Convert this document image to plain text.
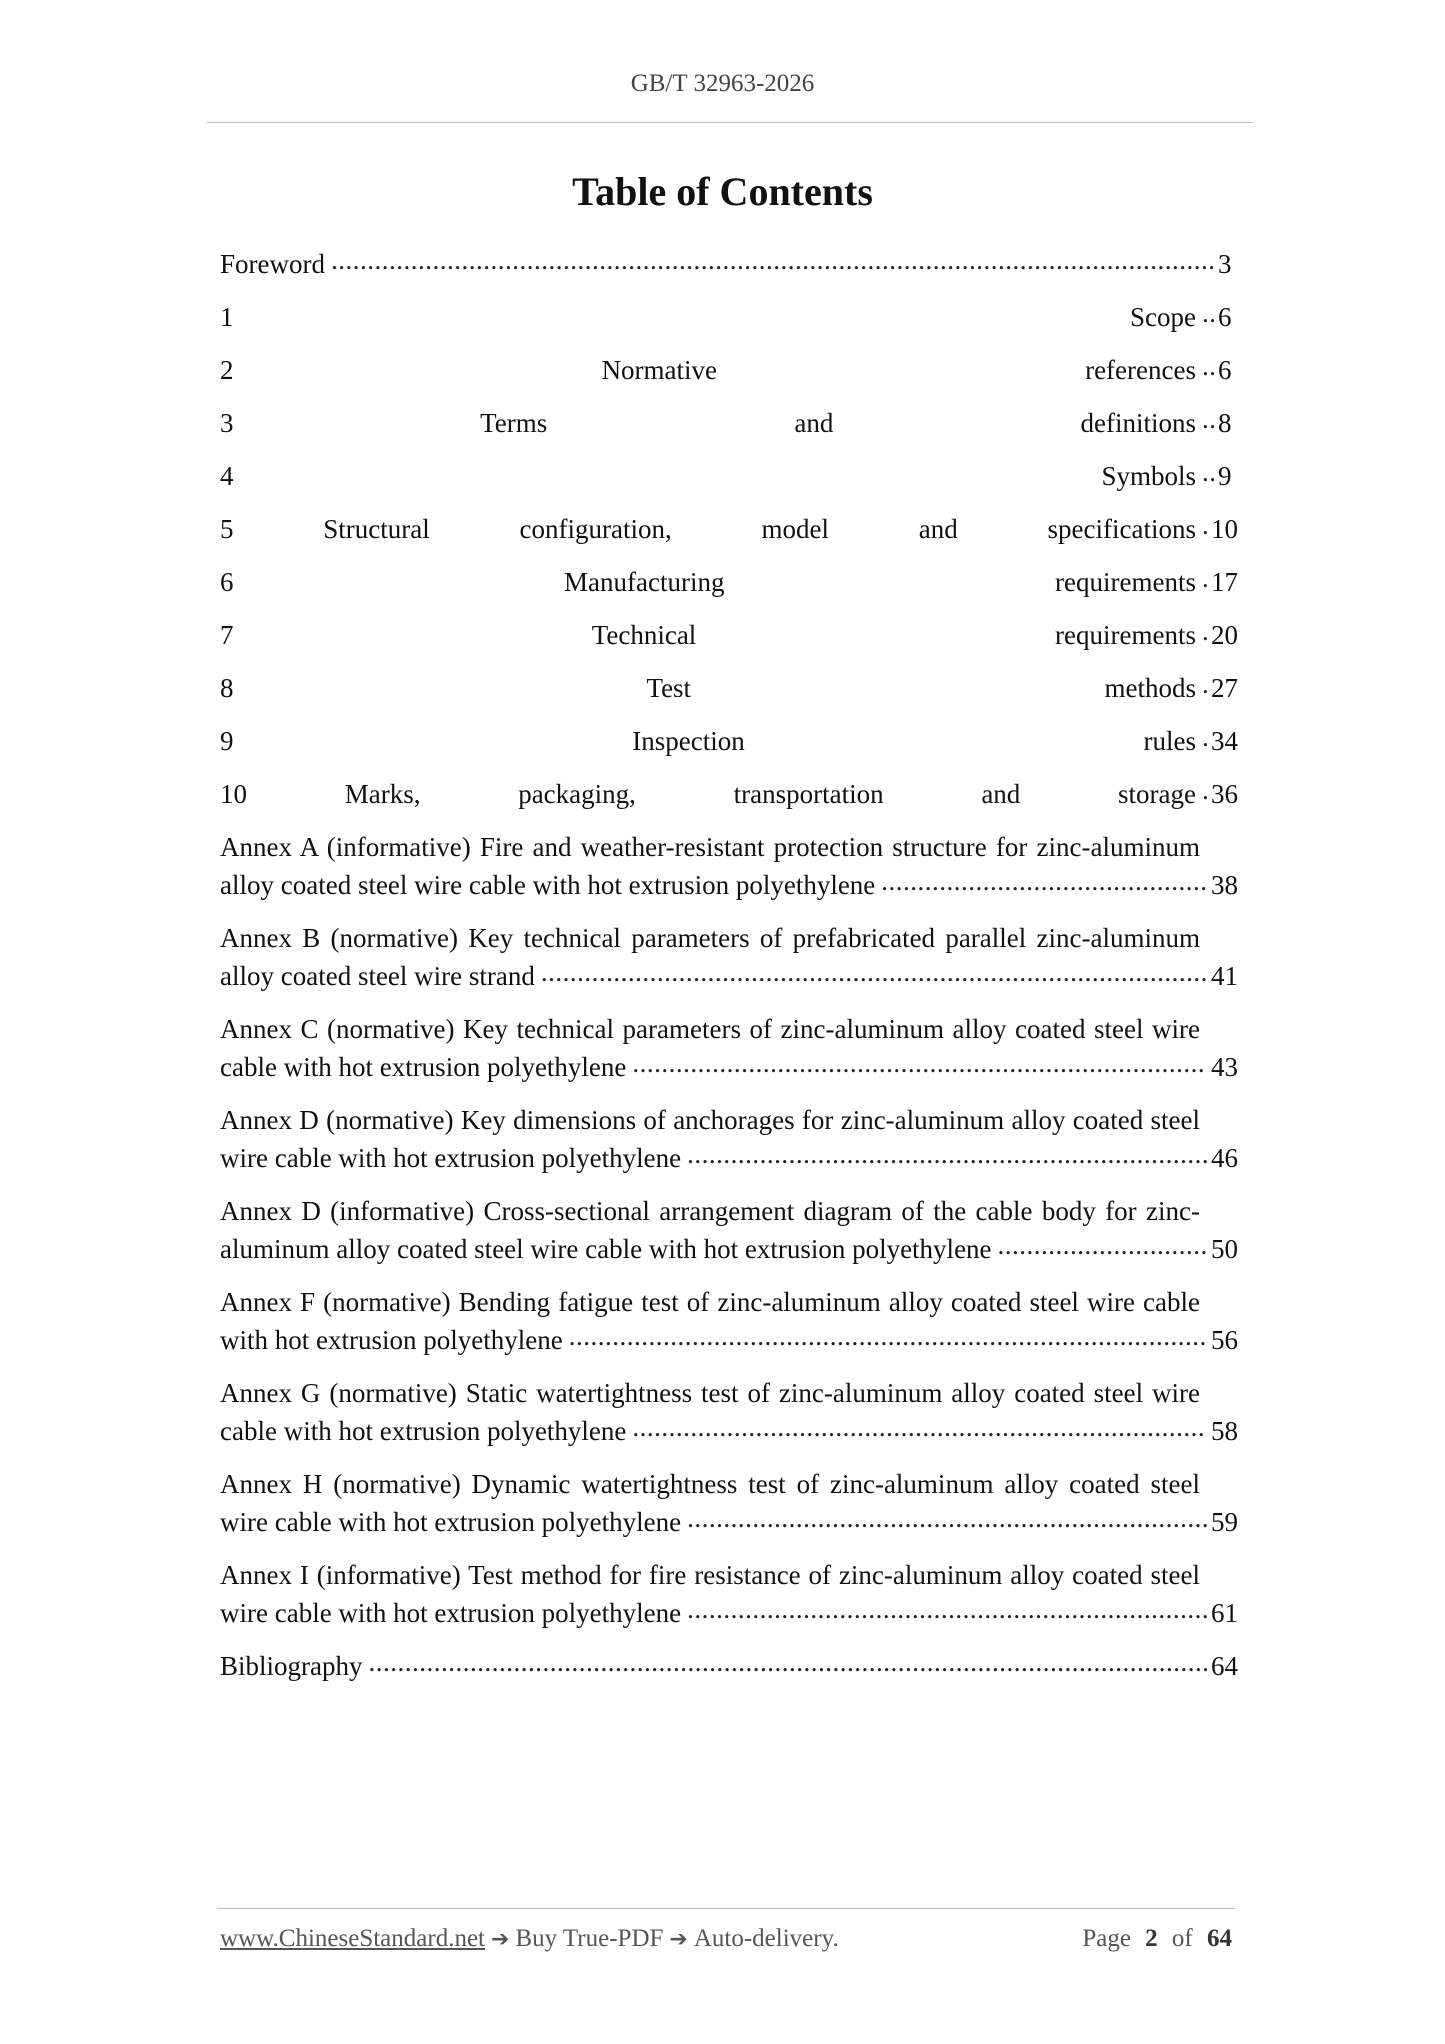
GB/T 32963-2026
Table of Contents
Foreword .....	3
1 Scope ..... 6
2 Normative references ..... 6
3 Terms and definitions ..... 8
4 Symbols ..... 9
5 Structural configuration, model and specifications ..... 10
6 Manufacturing requirements ..... 17
7 Technical requirements ..... 20
8 Test methods ..... 27
9 Inspection rules ..... 34
10 Marks, packaging, transportation and storage ..... 36
Annex A (informative) Fire and weather-resistant protection structure for zinc-aluminum alloy coated steel wire cable with hot extrusion polyethylene .....	38
Annex B (normative) Key technical parameters of prefabricated parallel zinc-aluminum alloy coated steel wire strand .....	41
Annex C (normative) Key technical parameters of zinc-aluminum alloy coated steel wire cable with hot extrusion polyethylene .....	43
Annex D (normative) Key dimensions of anchorages for zinc-aluminum alloy coated steel wire cable with hot extrusion polyethylene .....	46
Annex D (informative) Cross-sectional arrangement diagram of the cable body for zinc-aluminum alloy coated steel wire cable with hot extrusion polyethylene .....	50
Annex F (normative) Bending fatigue test of zinc-aluminum alloy coated steel wire cable with hot extrusion polyethylene .....	56
Annex G (normative) Static watertightness test of zinc-aluminum alloy coated steel wire cable with hot extrusion polyethylene .....	58
Annex H (normative) Dynamic watertightness test of zinc-aluminum alloy coated steel wire cable with hot extrusion polyethylene .....	59
Annex I (informative) Test method for fire resistance of zinc-aluminum alloy coated steel wire cable with hot extrusion polyethylene .....	61
Bibliography .....	64
www.ChineseStandard.net ➔ Buy True-PDF ➔ Auto-delivery.	Page 2 of 64
